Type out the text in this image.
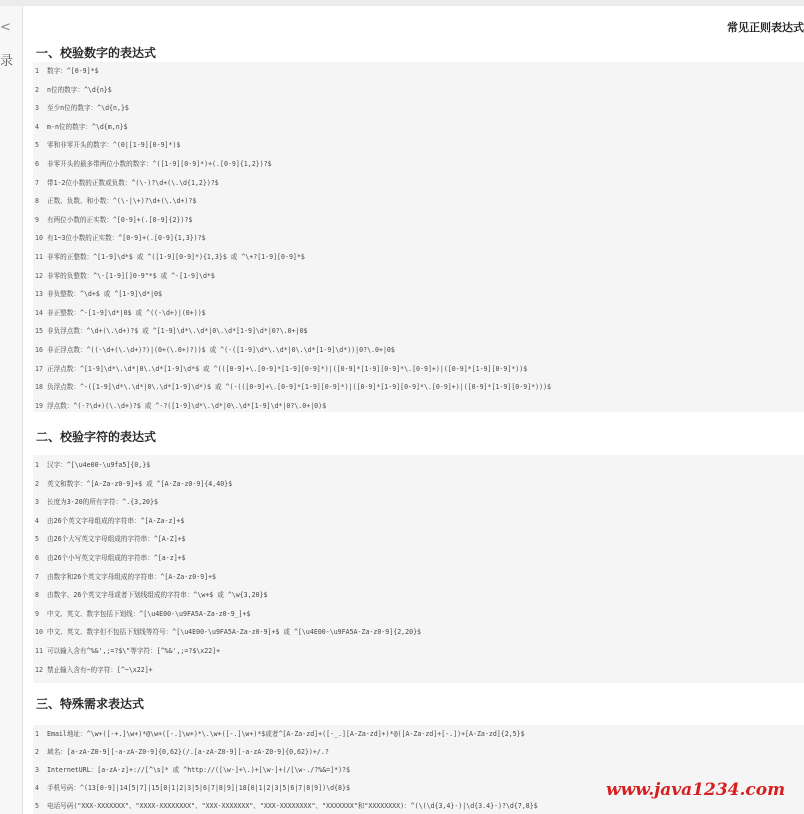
<
录
常见正则表达式
一、校验数字的表达式
1 数字：^[0-9]*$
2 n位的数字：^\d{n}$
3 至少n位的数字：^\d{n,}$
4 m-n位的数字：^\d{m,n}$
5 零和非零开头的数字：^(0|[1-9][0-9]*)$
6 非零开头的最多带两位小数的数字：^([1-9][0-9]*)+(.[0-9]{1,2})?$
7 带1-2位小数的正数或负数：^(\-)?\d+(\.\d{1,2})?$
8 正数、负数、和小数：^(\-|\+)?\d+(\.\d+)?$
9 有两位小数的正实数：^[0-9]+(.[0-9]{2})?$
10 有1~3位小数的正实数：^[0-9]+(.[0-9]{1,3})?$
11 非零的正整数：^[1-9]\d*$ 或 ^([1-9][0-9]*){1,3}$ 或 ^\+?[1-9][0-9]*$
12 非零的负整数：^\-[1-9][]0-9"*$ 或 ^-[1-9]\d*$
13 非负整数：^\d+$ 或 ^[1-9]\d*|0$
14 非正整数：^-[1-9]\d*|0$ 或 ^((-\d+)|(0+))$
15 非负浮点数：^\d+(\.\d+)?$ 或 ^[1-9]\d*\.\d*|0\.\d*[1-9]\d*|0?\.0+|0$
16 非正浮点数：^((-\d+(\.\d+)?)|(0+(\.0+)?))$ 或 ^(-([1-9]\d*\.\d*|0\.\d*[1-9]\d*))|0?\.0+|0$
17 正浮点数：^[1-9]\d*\.\d*|0\.\d*[1-9]\d*$ 或 ^(([0-9]+\.[0-9]*[1-9][0-9]*)|([0-9]*[1-9][0-9]*\.[0-9]+)|([0-9]*[1-9][0-9]*))$
18 负浮点数：^-([1-9]\d*\.\d*|0\.\d*[1-9]\d*)$ 或 ^(-(([0-9]+\.[0-9]*[1-9][0-9]*)|([0-9]*[1-9][0-9]*\.[0-9]+)|([0-9]*[1-9][0-9]*)))$
19 浮点数：^(-?\d+)(\.\d+)?$ 或 ^-?([1-9]\d*\.\d*|0\.\d*[1-9]\d*|0?\.0+|0)$
二、校验字符的表达式
1 汉字：^[\u4e00-\u9fa5]{0,}$
2 英文和数字：^[A-Za-z0-9]+$ 或 ^[A-Za-z0-9]{4,40}$
3 长度为3-20的所有字符：^.{3,20}$
4 由26个英文字母组成的字符串：^[A-Za-z]+$
5 由26个大写英文字母组成的字符串：^[A-Z]+$
6 由26个小写英文字母组成的字符串：^[a-z]+$
7 由数字和26个英文字母组成的字符串：^[A-Za-z0-9]+$
8 由数字、26个英文字母或者下划线组成的字符串：^\w+$ 或 ^\w{3,20}$
9 中文、英文、数字包括下划线：^[\u4E00-\u9FA5A-Za-z0-9_]+$
10 中文、英文、数字但不包括下划线等符号：^[\u4E00-\u9FA5A-Za-z0-9]+$ 或 ^[\u4E00-\u9FA5A-Za-z0-9]{2,20}$
11 可以输入含有^%&',;=?$\"等字符：[^%&',;=?$\x22]+
12 禁止输入含有~的字符：[^~\x22]+
三、特殊需求表达式
1 Email地址：^\w+([-+.]\w+)*@\w+([-.]\w+)*\.\w+([-.]\w+)*$或者^[A-Za-zd]+([-_.][A-Za-zd]+)*@([A-Za-zd]+[-.])+[A-Za-zd]{2,5}$
2 域名：[a-zA-Z0-9][-a-zA-Z0-9]{0,62}(/.[a-zA-Z0-9][-a-zA-Z0-9]{0,62})+/.?
3 InternetURL：[a-zA-z]+://[^\s]* 或 ^http://([\w-]+\.)+[\w-]+(/[\w-./?%&=]*)?$
4 手机号码：^(13[0-9]|14[5|7]|15[0|1|2|3|5|6|7|8|9]|18[0|1|2|3|5|6|7|8|9])\d{8}$
5 电话号码("XXX-XXXXXXX"、"XXXX-XXXXXXXX"、"XXX-XXXXXXX"、"XXX-XXXXXXXX"、"XXXXXXX"和"XXXXXXXX)：^(\(\d{3,4}-)|\d{3.4}-)?\d{7,8}$
www.java1234.com
